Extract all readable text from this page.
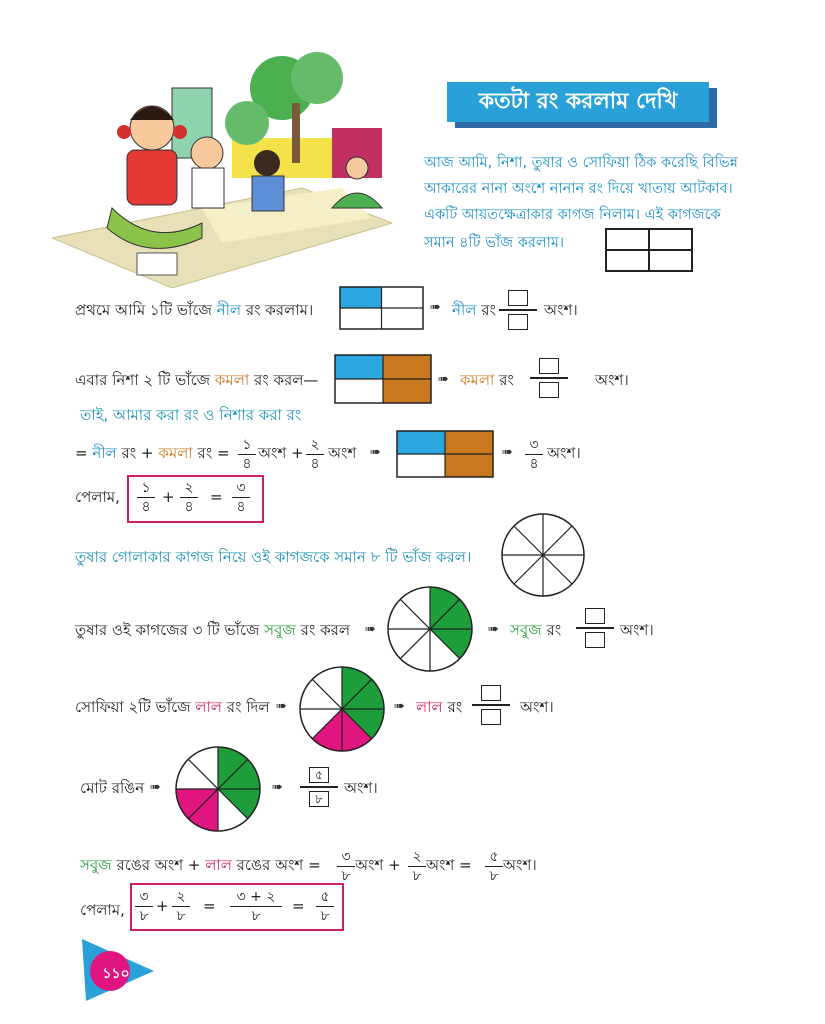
কতটা রং করলাম দেখি
আজ আমি, নিশা, তুষার ও সোফিয়া ঠিক করেছি বিভিন্ন
আকারের নানা অংশে নানান রং দিয়ে খাতায় আটকাব।
একটি আয়তক্ষেত্রাকার কাগজ নিলাম। এই কাগজকে
সমান ৪টি ভাঁজ করলাম।
প্রথমে আমি ১টি ভাঁজে নীল রং করলাম।	➠ নীল রং	অংশ।
এবার নিশা ২ টি ভাঁজে কমলা রং করল—	➠ কমলা রং	অংশ।
তাই, আমার করা রং ও নিশার করা রং
= নীল রং + কমলা রং = ১
৪
অংশ + ২
৪
অংশ ➠	➠ ৩
৪
অংশ।
পেলাম, ১
৪
+ ২
৪
= ৩
৪
তুষার গোলাকার কাগজ নিয়ে ওই কাগজকে সমান ৮ টি ভাঁজ করল।
তুষার ওই কাগজের ৩ টি ভাঁজে সবুজ রং করল ➠	➠ সবুজ রং	অংশ।
সোফিয়া ২টি ভাঁজে লাল রং দিল ➠	➠ লাল রং	অংশ।
মোট রঙিন ➠	➠
৫
৮
অংশ।
সবুজ রঙের অংশ + লাল রঙের অংশ = ৩
৮
অংশ + ২
৮
অংশ = ৫
৮
অংশ।
পেলাম,
৩
৮
+ ২
৮
= ৩ + ২
৮
= ৫
৮
১১০
